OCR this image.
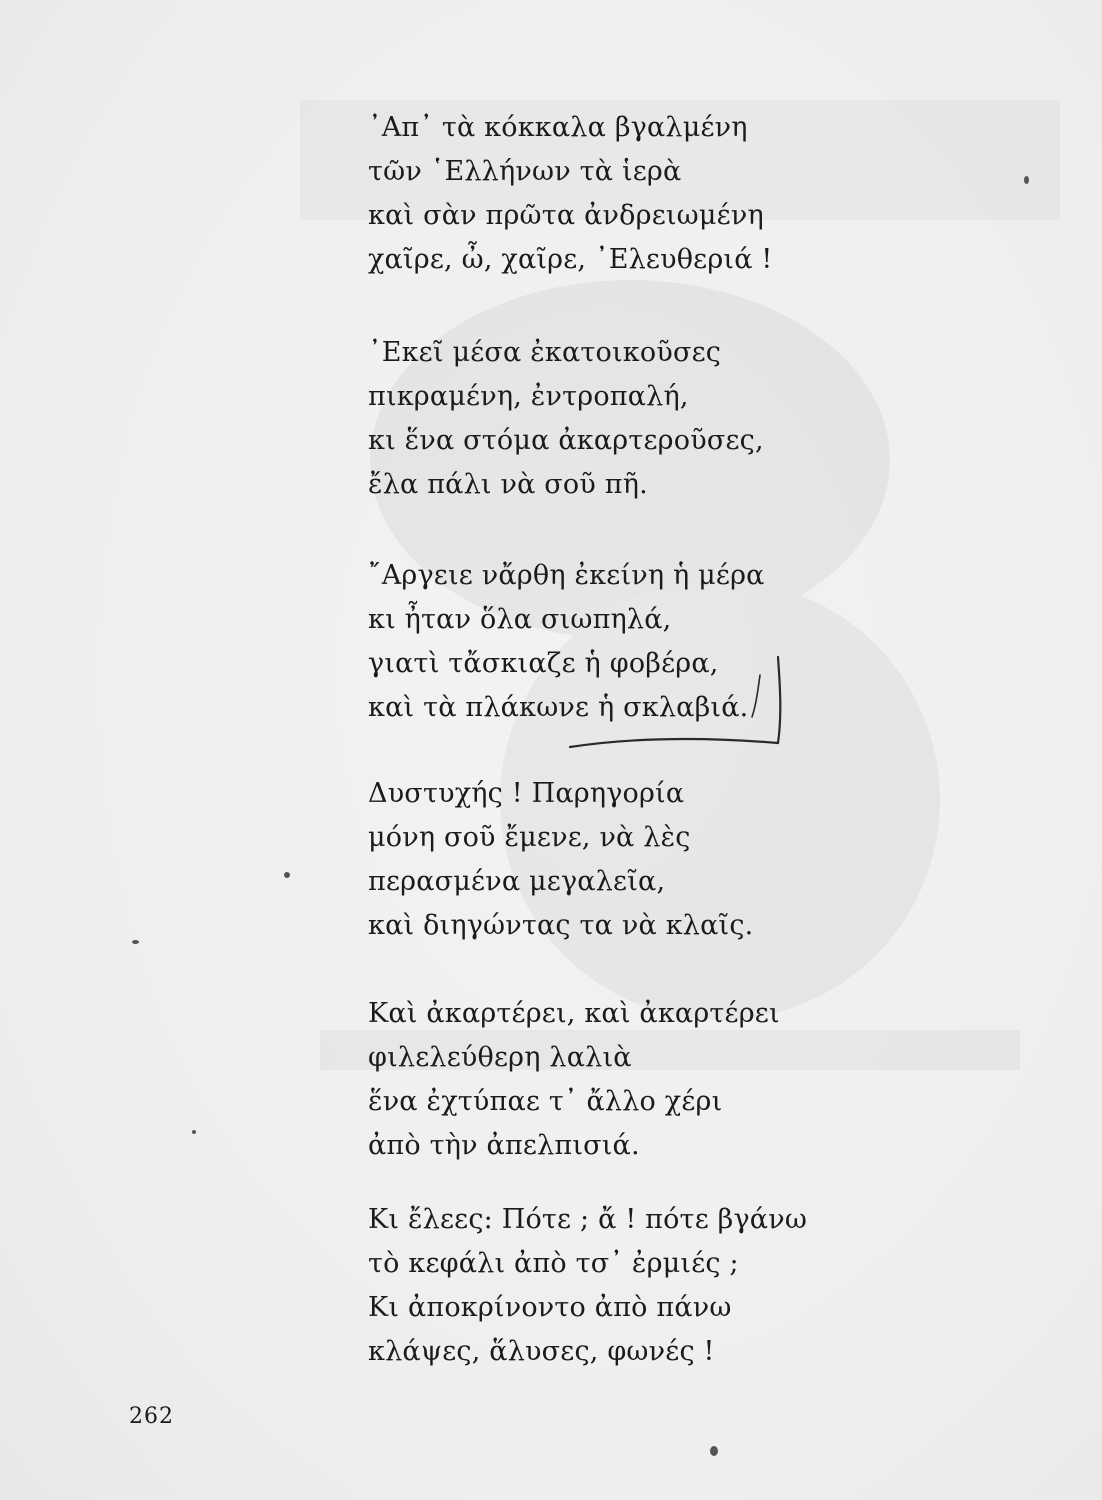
᾿Απ᾿ τὰ κόκκαλα βγαλμένη
τῶν ῾Ελλήνων τὰ ἱερὰ
καὶ σὰν πρῶτα ἀνδρειωμένη
χαῖρε, ὦ, χαῖρε, ᾿Ελευθεριά !
᾿Εκεῖ μέσα ἐκατοικοῦσες
πικραμένη, ἐντροπαλή,
κι ἕνα στόμα ἀκαρτεροῦσες,
ἔλα πάλι νὰ σοῦ πῆ.
῎Αργειε νἄρθη ἐκείνη ἡ μέρα
κι ἦταν ὅλα σιωπηλά,
γιατὶ τἄσκιαζε ἡ φοβέρα,
καὶ τὰ πλάκωνε ἡ σκλαβιά.
Δυστυχής ! Παρηγορία
μόνη σοῦ ἔμενε, νὰ λὲς
περασμένα μεγαλεῖα,
καὶ διηγώντας τα νὰ κλαῖς.
Καὶ ἀκαρτέρει, καὶ ἀκαρτέρει
φιλελεύθερη λαλιὰ
ἕνα ἐχτύπαε τ᾿ ἄλλο χέρι
ἀπὸ τὴν ἀπελπισιά.
Κι ἔλεες: Πότε ; ἄ ! πότε βγάνω
τὸ κεφάλι ἀπὸ τσ᾿ ἐρμιές ;
Κι ἀποκρίνοντο ἀπὸ πάνω
κλάψες, ἅλυσες, φωνές !
262
